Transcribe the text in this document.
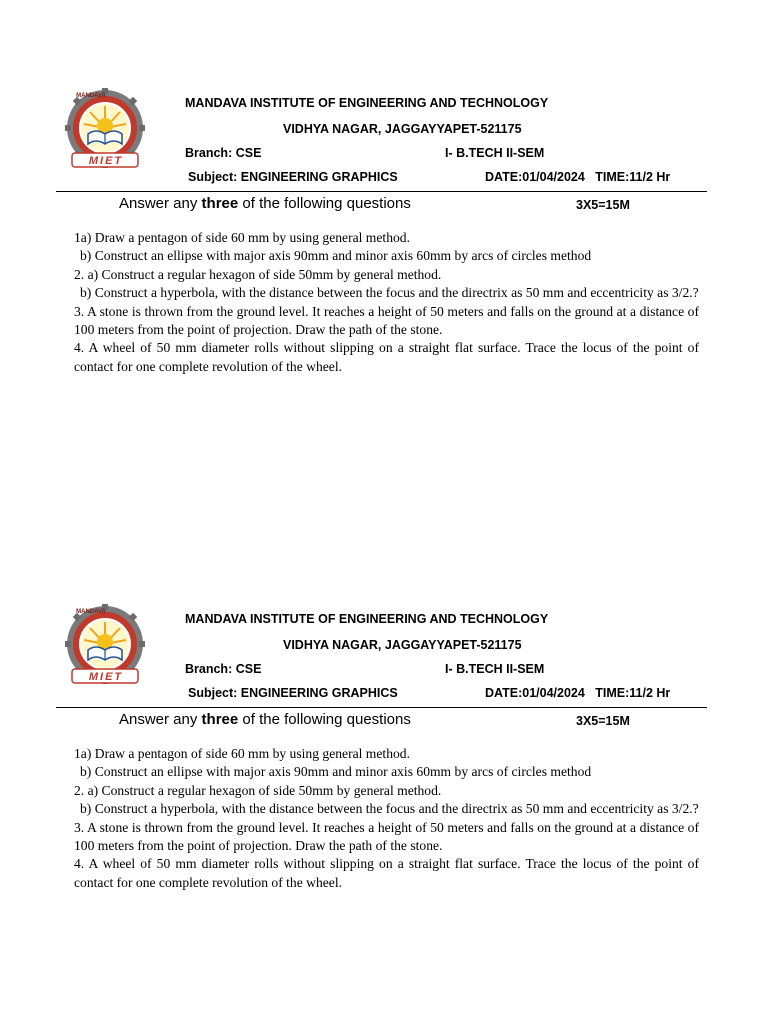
MANDAVA
MIET
MANDAVA INSTITUTE OF ENGINEERING AND TECHNOLOGY
VIDHYA NAGAR, JAGGAYYAPET-521175
Branch: CSE	I- B.TECH II-SEM
Subject: ENGINEERING GRAPHICS	DATE:01/04/2024   TIME:11/2 Hr
Answer any three of the following questions	3X5=15M

1a) Draw a pentagon of side 60 mm by using general method.

b) Construct an ellipse with major axis 90mm and minor axis 60mm by arcs of circles method

2. a) Construct a regular hexagon of side 50mm by general method.

b) Construct a hyperbola, with the distance between the focus and the directrix as 50 mm and eccentricity as 3/2.?

3. A stone is thrown from the ground level. It reaches a height of 50 meters and falls on the ground at a distance of 100 meters from the point of projection. Draw the path of the stone.

4. A wheel of 50 mm diameter rolls without slipping on a straight flat surface. Trace the locus of the point of contact for one complete revolution of the wheel.

MANDAVA
MIET
MANDAVA INSTITUTE OF ENGINEERING AND TECHNOLOGY
VIDHYA NAGAR, JAGGAYYAPET-521175
Branch: CSE	I- B.TECH II-SEM
Subject: ENGINEERING GRAPHICS	DATE:01/04/2024   TIME:11/2 Hr
Answer any three of the following questions	3X5=15M

1a) Draw a pentagon of side 60 mm by using general method.

b) Construct an ellipse with major axis 90mm and minor axis 60mm by arcs of circles method

2. a) Construct a regular hexagon of side 50mm by general method.

b) Construct a hyperbola, with the distance between the focus and the directrix as 50 mm and eccentricity as 3/2.?

3. A stone is thrown from the ground level. It reaches a height of 50 meters and falls on the ground at a distance of 100 meters from the point of projection. Draw the path of the stone.

4. A wheel of 50 mm diameter rolls without slipping on a straight flat surface. Trace the locus of the point of contact for one complete revolution of the wheel.
